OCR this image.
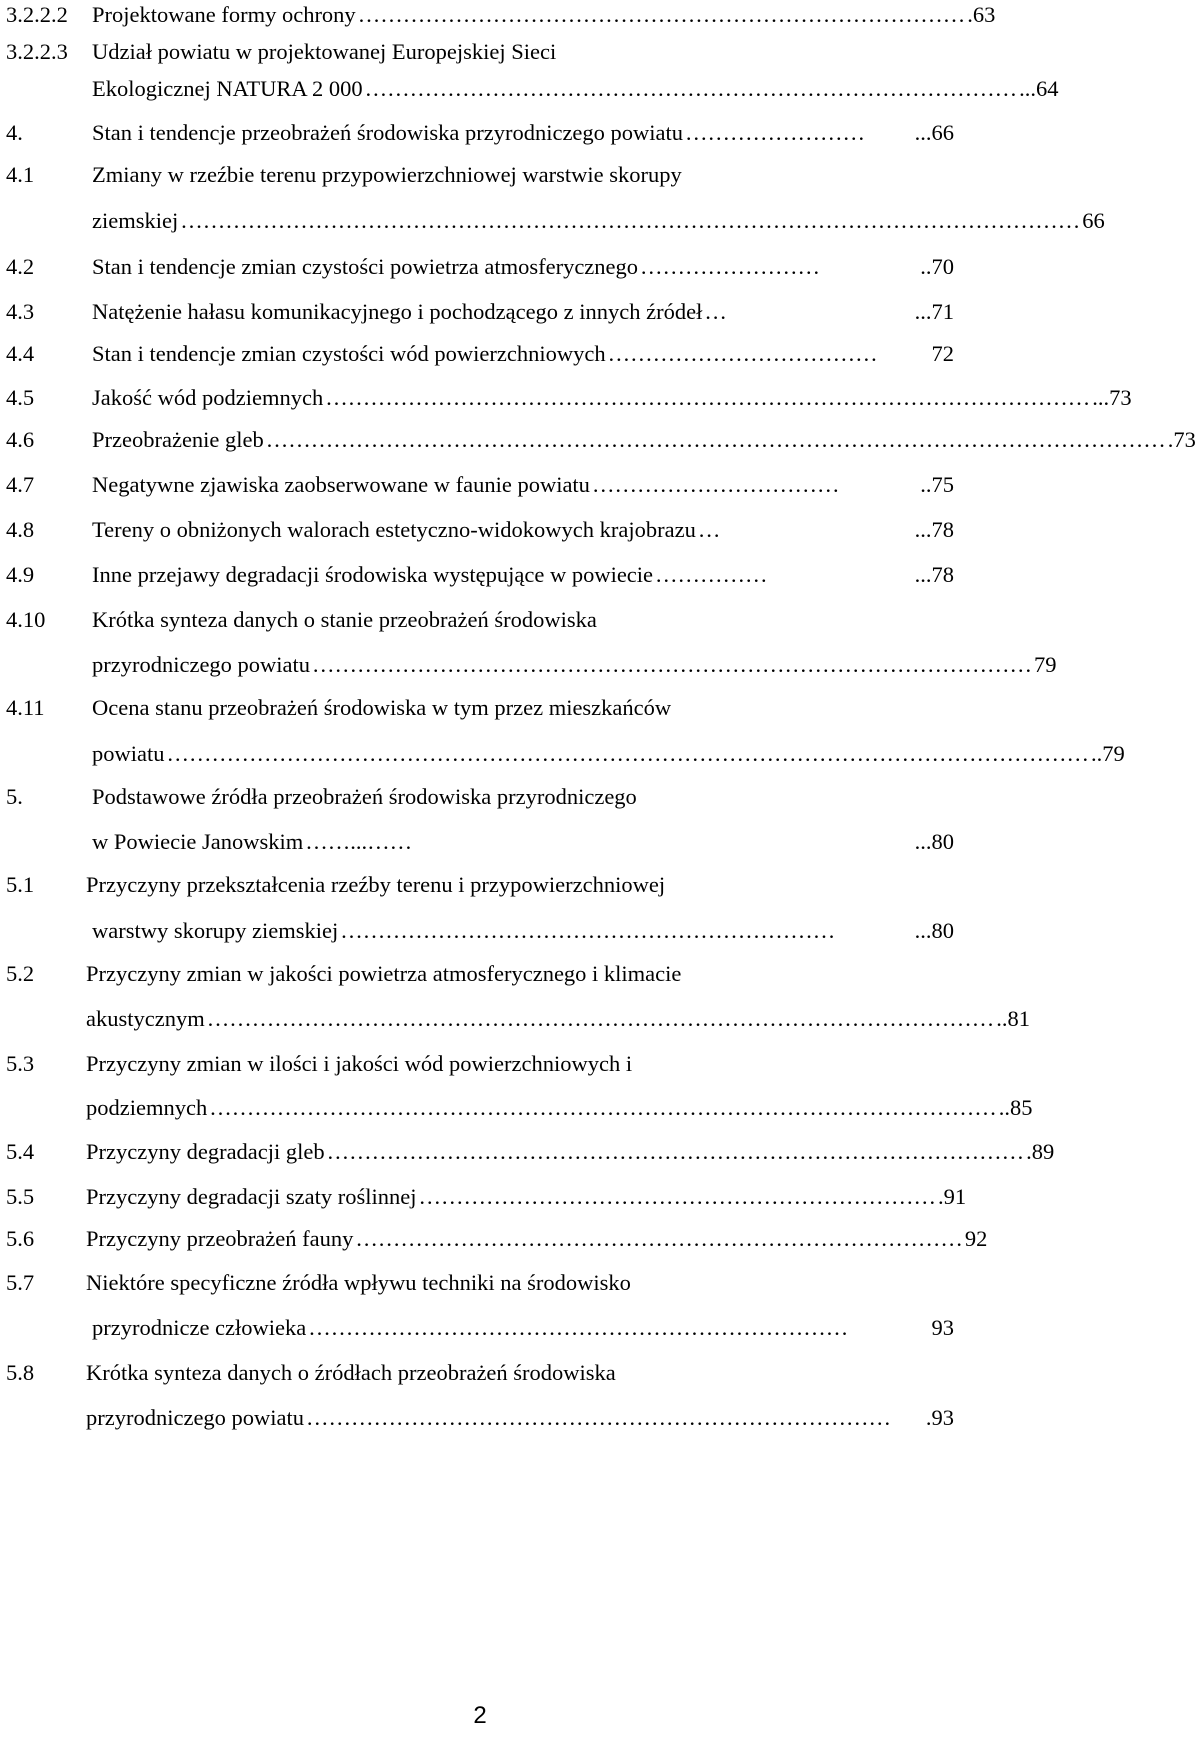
3.2.2.2 Projektowane formy ochrony ……………………………………………………………………… .63
3.2.2.3 Udział powiatu w projektowanej Europejskiej Sieci
Ekologicznej NATURA 2 000 …………………………………………………………………………… ...64
4.	Stan i tendencje przeobrażeń środowiska przyrodniczego powiatu ……………………	...66
4.1	Zmiany w rzeźbie terenu przypowierzchniowej warstwie skorupy
ziemskiej ………………………………………………………………………………………………………… 66
4.2	Stan i tendencje zmian czystości powietrza atmosferycznego ……………………	..70
4.3	Natężenie hałasu komunikacyjnego i pochodzącego z innych źródeł …	...71
4.4	Stan i tendencje zmian czystości wód powierzchniowych ………………………………	72
4.5	Jakość wód podziemnych ………………………………………………………………………………………… ...73
4.6	Przeobrażenie gleb ………………………………………………………………………………………………………… .73
4.7	Negatywne zjawiska zaobserwowane w faunie powiatu ……………………………	..75
4.8	Tereny o obniżonych walorach estetyczno-widokowych krajobrazu …	...78
4.9	Inne przejawy degradacji środowiska występujące w powiecie ……………	...78
4.10 Krótka synteza danych o stanie przeobrażeń środowiska
przyrodniczego powiatu …………………………………………………………………………………… 79
4.11 Ocena stanu przeobrażeń środowiska w tym przez mieszkańców
powiatu …………………………………………………………………………………………………………… ..79
5.	Podstawowe źródła przeobrażeń środowiska przyrodniczego
w Powiecie Janowskim ……...……	...80
5.1 Przyczyny przekształcenia rzeźby terenu i przypowierzchniowej
warstwy skorupy ziemskiej …………………………………………………………	...80
5.2 Przyczyny zmian w jakości powietrza atmosferycznego i klimacie
akustycznym …………………………………………………………………………………………… ..81
5.3 Przyczyny zmian w ilości i jakości wód powierzchniowych i
podziemnych …………………………………………………………………………………………… ..85
5.4 Przyczyny degradacji gleb ………………………………………………………………………………… .89
5.5 Przyczyny degradacji szaty roślinnej …………………………………………………………… .91
5.6 Przyczyny przeobrażeń fauny ……………………………………………………………………… 92
5.7 Niektóre specyficzne źródła wpływu techniki na środowisko
przyrodnicze człowieka ………………………………………………………………	93
5.8 Krótka synteza danych o źródłach przeobrażeń środowiska
przyrodniczego powiatu ……………………………………………………………………	.93
2
